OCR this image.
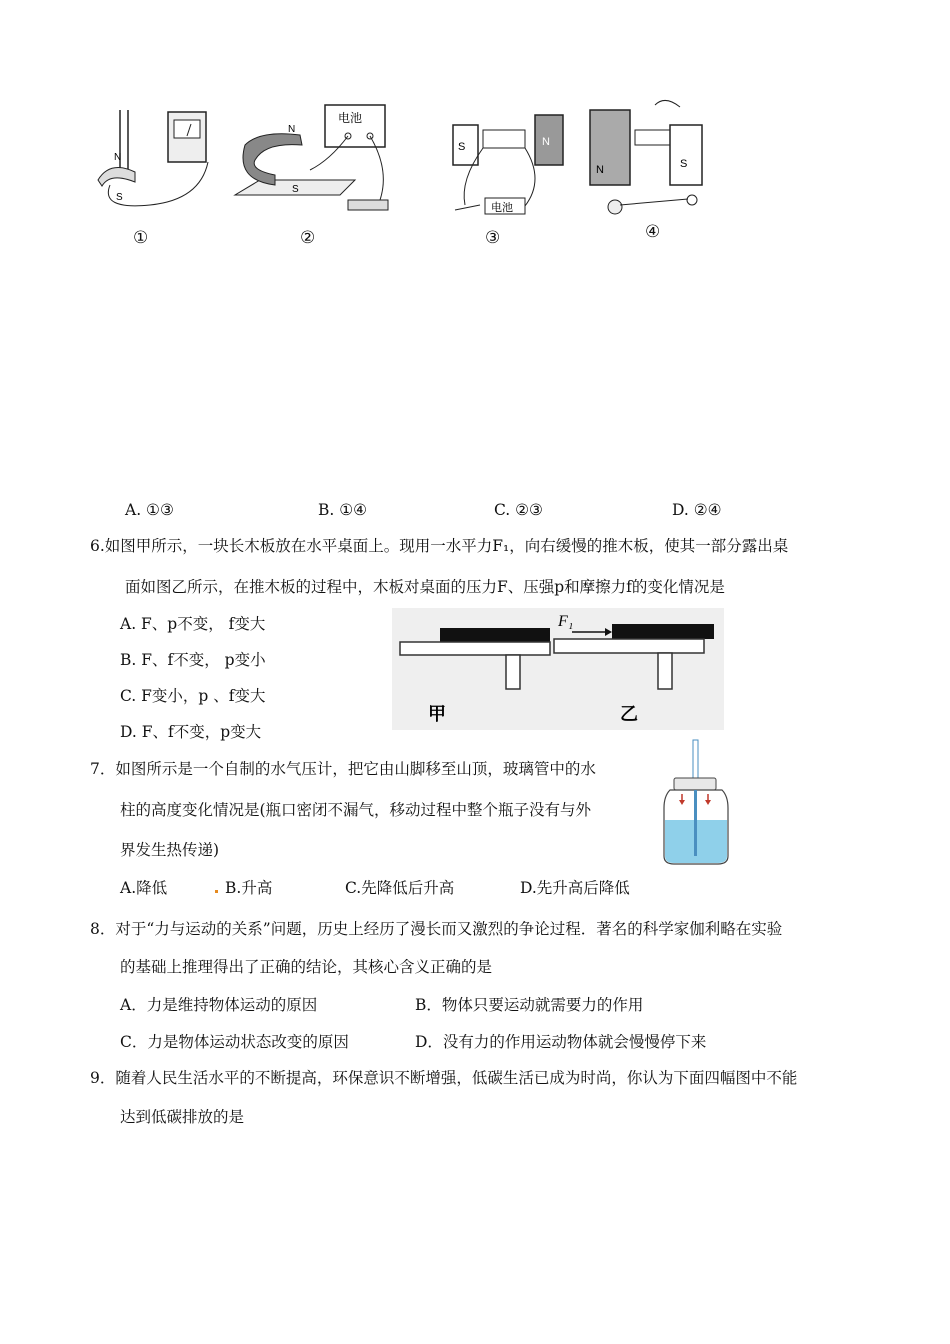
N
S
电池
N
S
S	N
电池
N	S
①	②	③	④
A. ①③	B. ①④	C. ②③	D. ②④
6.如图甲所示，一块长木板放在水平桌面上。现用一水平力F₁，向右缓慢的推木板，使其一部分露出桌
面如图乙所示，在推木板的过程中，木板对桌面的压力F、压强p和摩擦力f的变化情况是
A. F、p不变， f变大
B. F、f不变， p变小
C. F变小，p 、f变大
D. F、f不变，p变大
F₁
甲	乙
7．如图所示是一个自制的水气压计，把它由山脚移至山顶，玻璃管中的水
柱的高度变化情况是(瓶口密闭不漏气，移动过程中整个瓶子没有与外
界发生热传递)
A.降低	B.升高	C.先降低后升高	D.先升高后降低
8．对于“力与运动的关系”问题，历史上经历了漫长而又激烈的争论过程．著名的科学家伽利略在实验
的基础上推理得出了正确的结论，其核心含义正确的是
A．力是维持物体运动的原因	B．物体只要运动就需要力的作用
C．力是物体运动状态改变的原因	D．没有力的作用运动物体就会慢慢停下来
9．随着人民生活水平的不断提高，环保意识不断增强，低碳生活已成为时尚，你认为下面四幅图中不能
达到低碳排放的是
